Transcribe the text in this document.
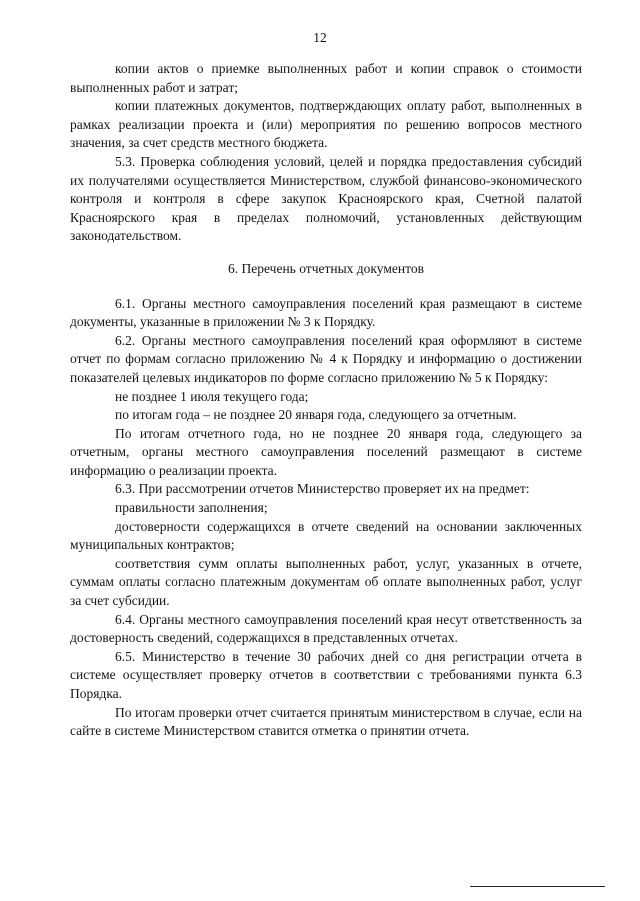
12

копии актов о приемке выполненных работ и копии справок о стоимости выполненных работ и затрат;

копии платежных документов, подтверждающих оплату работ, выполненных в рамках реализации проекта и (или) мероприятия по решению вопросов местного значения, за счет средств местного бюджета.

5.3. Проверка соблюдения условий, целей и порядка предоставления субсидий их получателями осуществляется Министерством, службой финансово-экономического контроля и контроля в сфере закупок Красноярского края, Счетной палатой Красноярского края в пределах полномочий, установленных действующим законодательством.

6. Перечень отчетных документов

6.1. Органы местного самоуправления поселений края размещают в системе документы, указанные в приложении № 3 к Порядку.

6.2. Органы местного самоуправления поселений края оформляют в системе отчет по формам согласно приложению № 4 к Порядку и информацию о достижении показателей целевых индикаторов по форме согласно приложению № 5 к Порядку:

не позднее 1 июля текущего года;

по итогам года – не позднее 20 января года, следующего за отчетным.

По итогам отчетного года, но не позднее 20 января года, следующего за отчетным, органы местного самоуправления поселений размещают в системе информацию о реализации проекта.

6.3. При рассмотрении отчетов Министерство проверяет их на предмет:

правильности заполнения;

достоверности содержащихся в отчете сведений на основании заключенных муниципальных контрактов;

соответствия сумм оплаты выполненных работ, услуг, указанных в отчете, суммам оплаты согласно платежным документам об оплате выполненных работ, услуг за счет субсидии.

6.4. Органы местного самоуправления поселений края несут ответственность за достоверность сведений, содержащихся в представленных отчетах.

6.5. Министерство в течение 30 рабочих дней со дня регистрации отчета в системе осуществляет проверку отчетов в соответствии с требованиями пункта 6.3 Порядка.

По итогам проверки отчет считается принятым министерством в случае, если на сайте в системе Министерством ставится отметка о принятии отчета.
